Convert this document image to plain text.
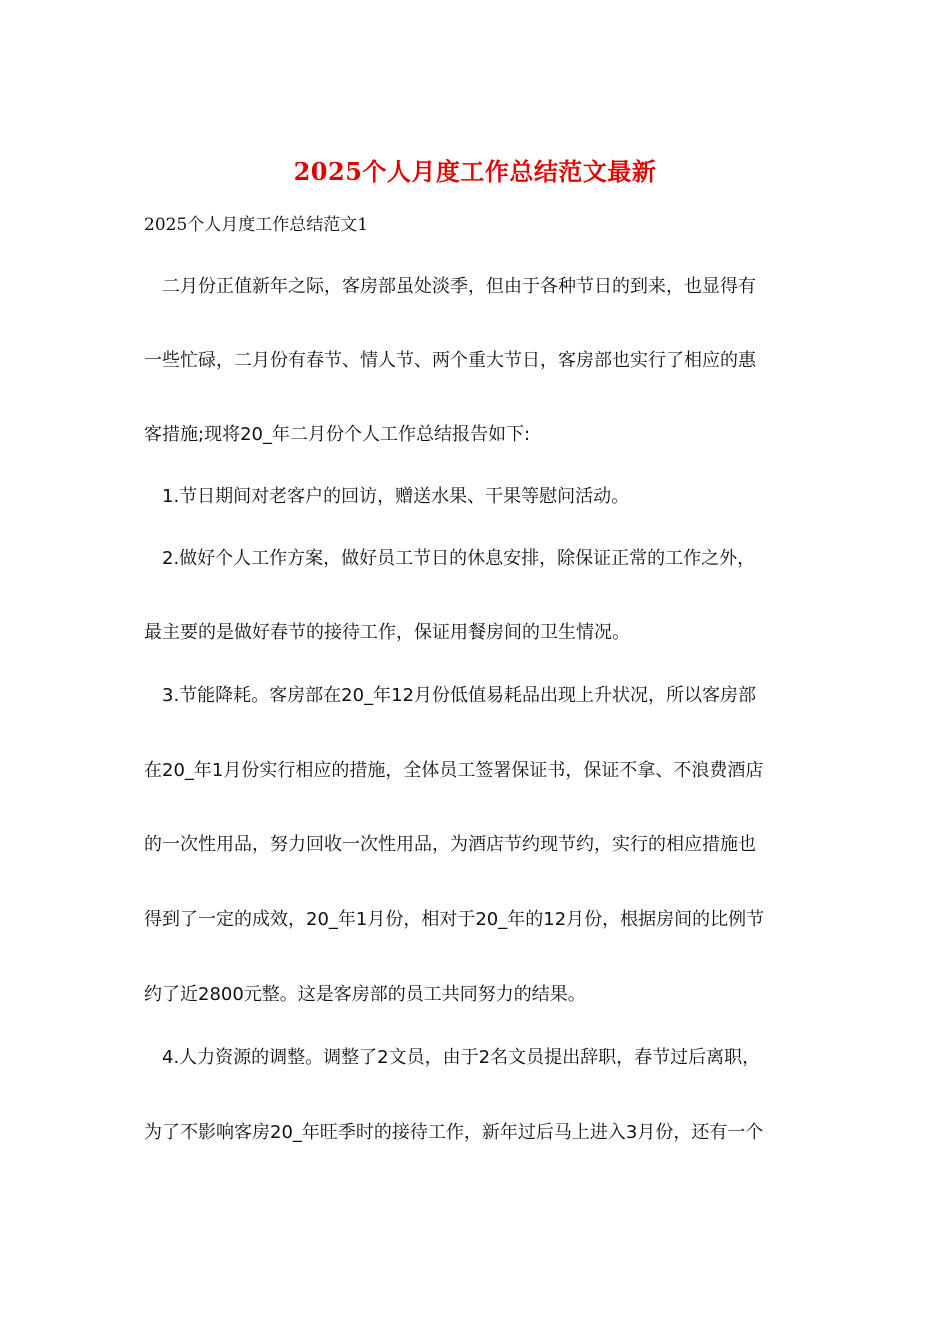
2025个人月度工作总结范文最新
2025个人月度工作总结范文1
二月份正值新年之际，客房部虽处淡季，但由于各种节日的到来，也显得有
一些忙碌，二月份有春节、情人节、两个重大节日，客房部也实行了相应的惠
客措施;现将20_年二月份个人工作总结报告如下:
1.节日期间对老客户的回访，赠送水果、干果等慰问活动。
2.做好个人工作方案，做好员工节日的休息安排，除保证正常的工作之外，
最主要的是做好春节的接待工作，保证用餐房间的卫生情况。
3.节能降耗。客房部在20_年12月份低值易耗品出现上升状况，所以客房部
在20_年1月份实行相应的措施，全体员工签署保证书，保证不拿、不浪费酒店
的一次性用品，努力回收一次性用品，为酒店节约现节约，实行的相应措施也
得到了一定的成效，20_年1月份，相对于20_年的12月份，根据房间的比例节
约了近2800元整。这是客房部的员工共同努力的结果。
4.人力资源的调整。调整了2文员，由于2名文员提出辞职，春节过后离职，
为了不影响客房20_年旺季时的接待工作，新年过后马上进入3月份，还有一个
